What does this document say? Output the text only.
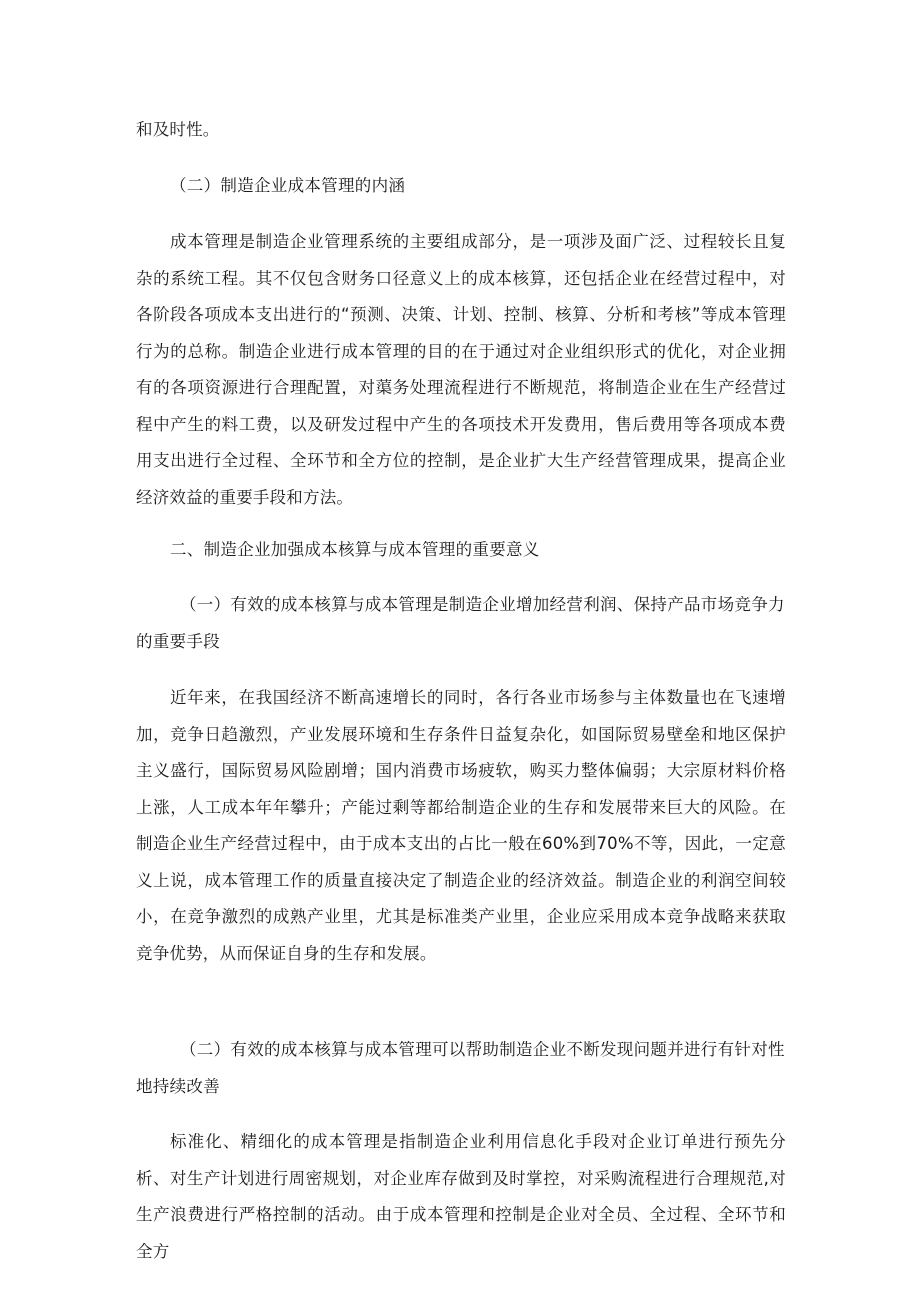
和及时性。

（二）制造企业成本管理的内涵

成本管理是制造企业管理系统的主要组成部分，是一项涉及面广泛、过程较长且复杂的系统工程。其不仅包含财务口径意义上的成本核算，还包括企业在经营过程中，对各阶段各项成本支出进行的“预测、决策、计划、控制、核算、分析和考核”等成本管理行为的总称。制造企业进行成本管理的目的在于通过对企业组织形式的优化，对企业拥有的各项资源进行合理配置，对蕖务处理流程进行不断规范，将制造企业在生产经营过程中产生的料工费，以及研发过程中产生的各项技术开发费用，售后费用等各项成本费用支出进行全过程、全环节和全方位的控制，是企业扩大生产经营管理成果，提高企业经济效益的重要手段和方法。

二、制造企业加强成本核算与成本管理的重要意义

（一）有效的成本核算与成本管理是制造企业增加经营利润、保持产品市场竞争力的重要手段

近年来，在我国经济不断高速增长的同时，各行各业市场参与主体数量也在飞速增加，竞争日趋激烈，产业发展环境和生存条件日益复杂化，如国际贸易壁垒和地区保护主义盛行，国际贸易风险剧增；国内消费市场疲软，购买力整体偏弱；大宗原材料价格上涨，人工成本年年攀升；产能过剩等都给制造企业的生存和发展带来巨大的风险。在制造企业生产经营过程中，由于成本支出的占比一般在60%到70%不等，因此，一定意义上说，成本管理工作的质量直接决定了制造企业的经济效益。制造企业的利润空间较小，在竞争激烈的成熟产业里，尤其是标准类产业里，企业应采用成本竞争战略来获取竞争优势，从而保证自身的生存和发展。

（二）有效的成本核算与成本管理可以帮助制造企业不断发现问题并进行有针对性地持续改善

标准化、精细化的成本管理是指制造企业利用信息化手段对企业订单进行预先分析、对生产计划进行周密规划，对企业库存做到及时掌控，对采购流程进行合理规范,对生产浪费进行严格控制的活动。由于成本管理和控制是企业对全员、全过程、全环节和全方
